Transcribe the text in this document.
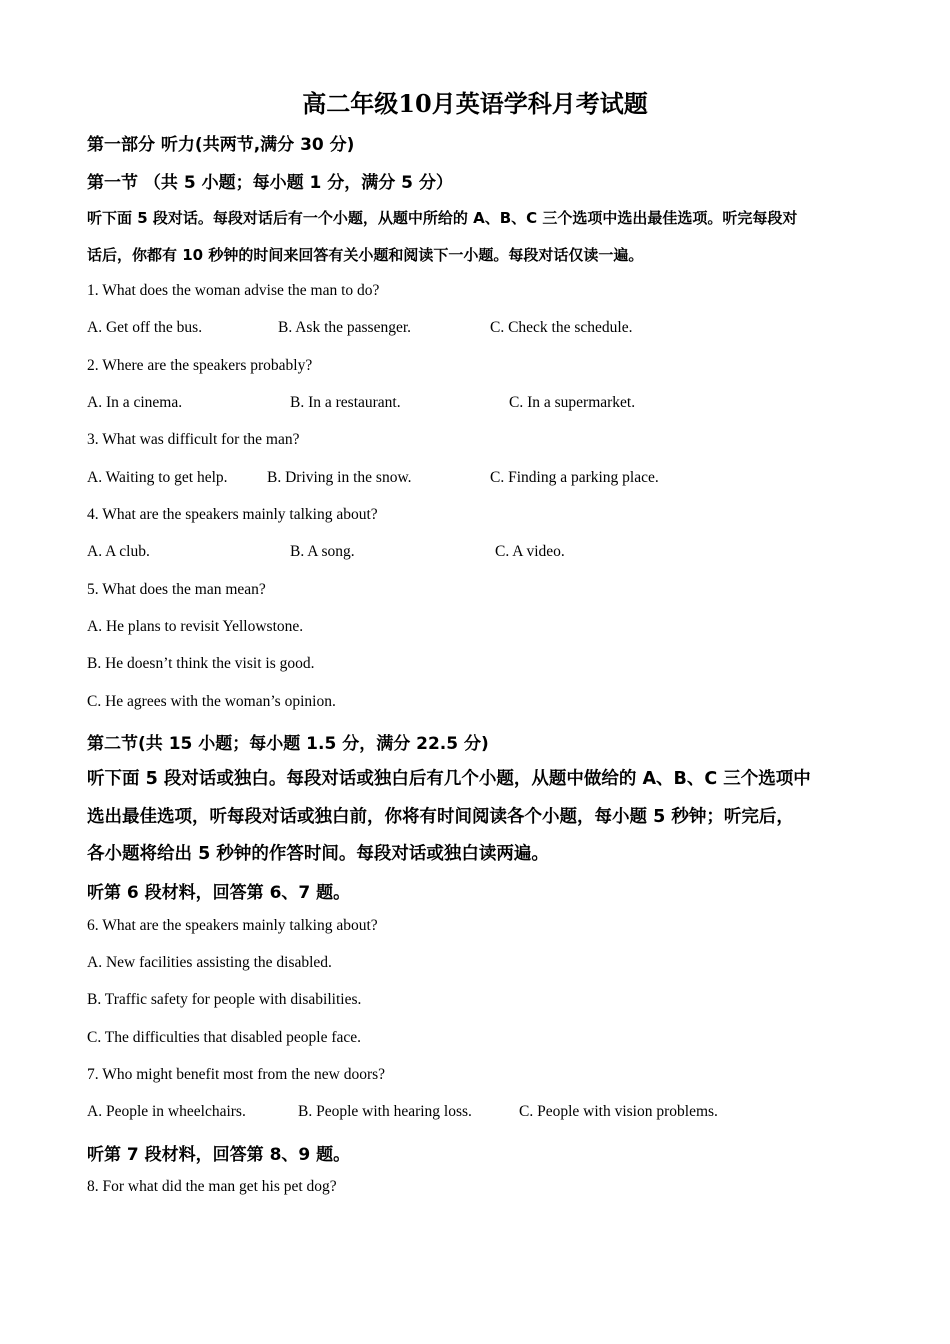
高二年级10月英语学科月考试题
第一部分 听力(共两节,满分 30 分)
第一节 （共 5 小题；每小题 1 分，满分 5 分）
听下面 5 段对话。每段对话后有一个小题，从题中所给的 A、B、C 三个选项中选出最佳选项。听完每段对
话后，你都有 10 秒钟的时间来回答有关小题和阅读下一小题。每段对话仅读一遍。
1. What does the woman advise the man to do?
A. Get off the bus.	B. Ask the passenger.	C. Check the schedule.
2. Where are the speakers probably?
A. In a cinema.	B. In a restaurant.	C. In a supermarket.
3. What was difficult for the man?
A. Waiting to get help.	B. Driving in the snow.	C. Finding a parking place.
4. What are the speakers mainly talking about?
A. A club.	B. A song.	C. A video.
5. What does the man mean?
A. He plans to revisit Yellowstone.
B. He doesn’t think the visit is good.
C. He agrees with the woman’s opinion.
第二节(共 15 小题；每小题 1.5 分，满分 22.5 分)
听下面 5 段对话或独白。每段对话或独白后有几个小题，从题中做给的 A、B、C 三个选项中
选出最佳选项，听每段对话或独白前，你将有时间阅读各个小题，每小题 5 秒钟；听完后，
各小题将给出 5 秒钟的作答时间。每段对话或独白读两遍。
听第 6 段材料，回答第 6、7 题。
6. What are the speakers mainly talking about?
A. New facilities assisting the disabled.
B. Traffic safety for people with disabilities.
C. The difficulties that disabled people face.
7. Who might benefit most from the new doors?
A. People in wheelchairs.	B. People with hearing loss.	C. People with vision problems.
听第 7 段材料，回答第 8、9 题。
8. For what did the man get his pet dog?
